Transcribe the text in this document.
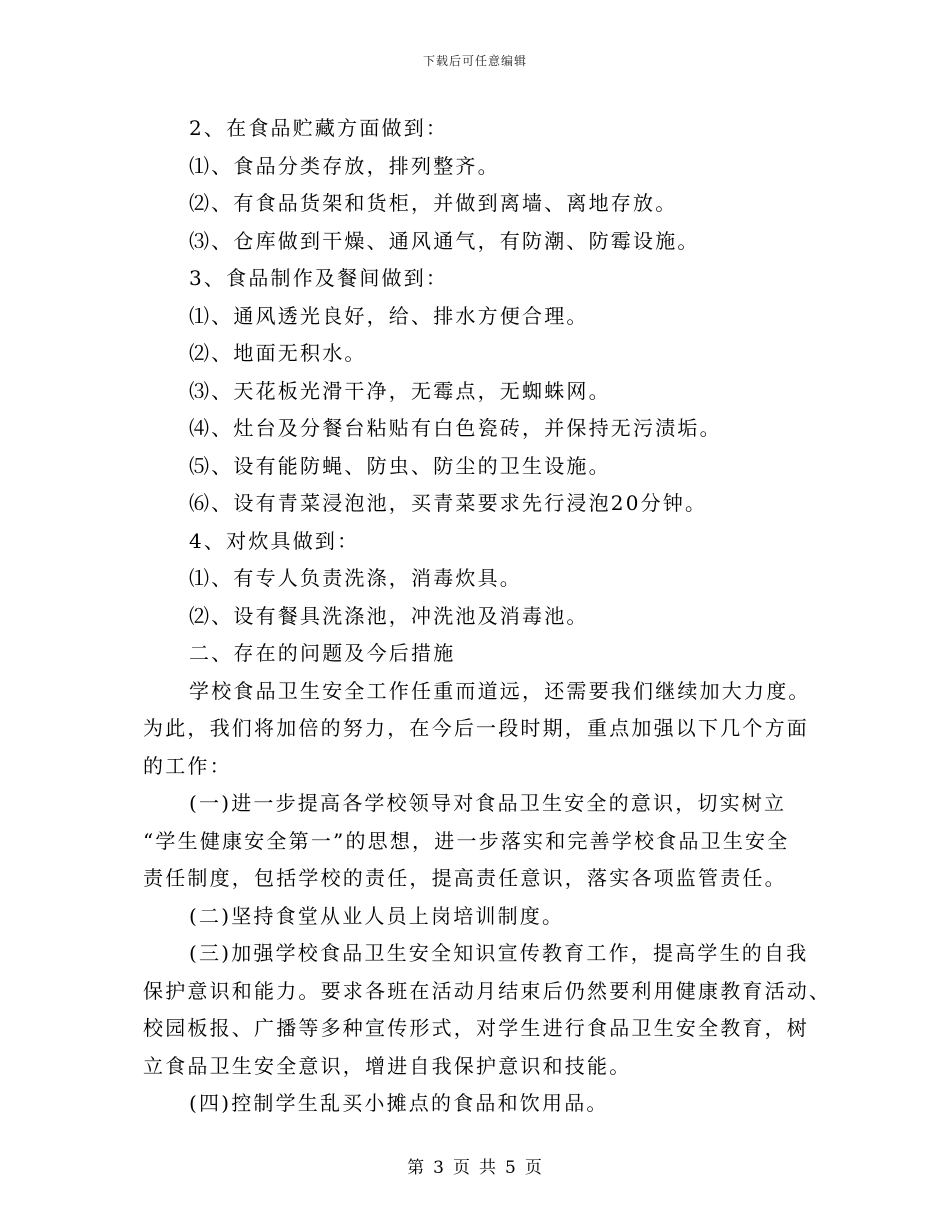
下载后可任意编辑
2、在食品贮藏方面做到：
⑴、食品分类存放，排列整齐。
⑵、有食品货架和货柜，并做到离墙、离地存放。
⑶、仓库做到干燥、通风通气，有防潮、防霉设施。
3、食品制作及餐间做到：
⑴、通风透光良好，给、排水方便合理。
⑵、地面无积水。
⑶、天花板光滑干净，无霉点，无蜘蛛网。
⑷、灶台及分餐台粘贴有白色瓷砖，并保持无污渍垢。
⑸、设有能防蝇、防虫、防尘的卫生设施。
⑹、设有青菜浸泡池，买青菜要求先行浸泡20分钟。
4、对炊具做到：
⑴、有专人负责洗涤，消毒炊具。
⑵、设有餐具洗涤池，冲洗池及消毒池。
二、存在的问题及今后措施
学校食品卫生安全工作任重而道远，还需要我们继续加大力度。
为此，我们将加倍的努力，在今后一段时期，重点加强以下几个方面
的工作：
(一)进一步提高各学校领导对食品卫生安全的意识，切实树立
“学生健康安全第一”的思想，进一步落实和完善学校食品卫生安全
责任制度，包括学校的责任，提高责任意识，落实各项监管责任。
(二)坚持食堂从业人员上岗培训制度。
(三)加强学校食品卫生安全知识宣传教育工作，提高学生的自我
保护意识和能力。要求各班在活动月结束后仍然要利用健康教育活动、
校园板报、广播等多种宣传形式，对学生进行食品卫生安全教育，树
立食品卫生安全意识，增进自我保护意识和技能。
(四)控制学生乱买小摊点的食品和饮用品。
第 3 页 共 5 页
